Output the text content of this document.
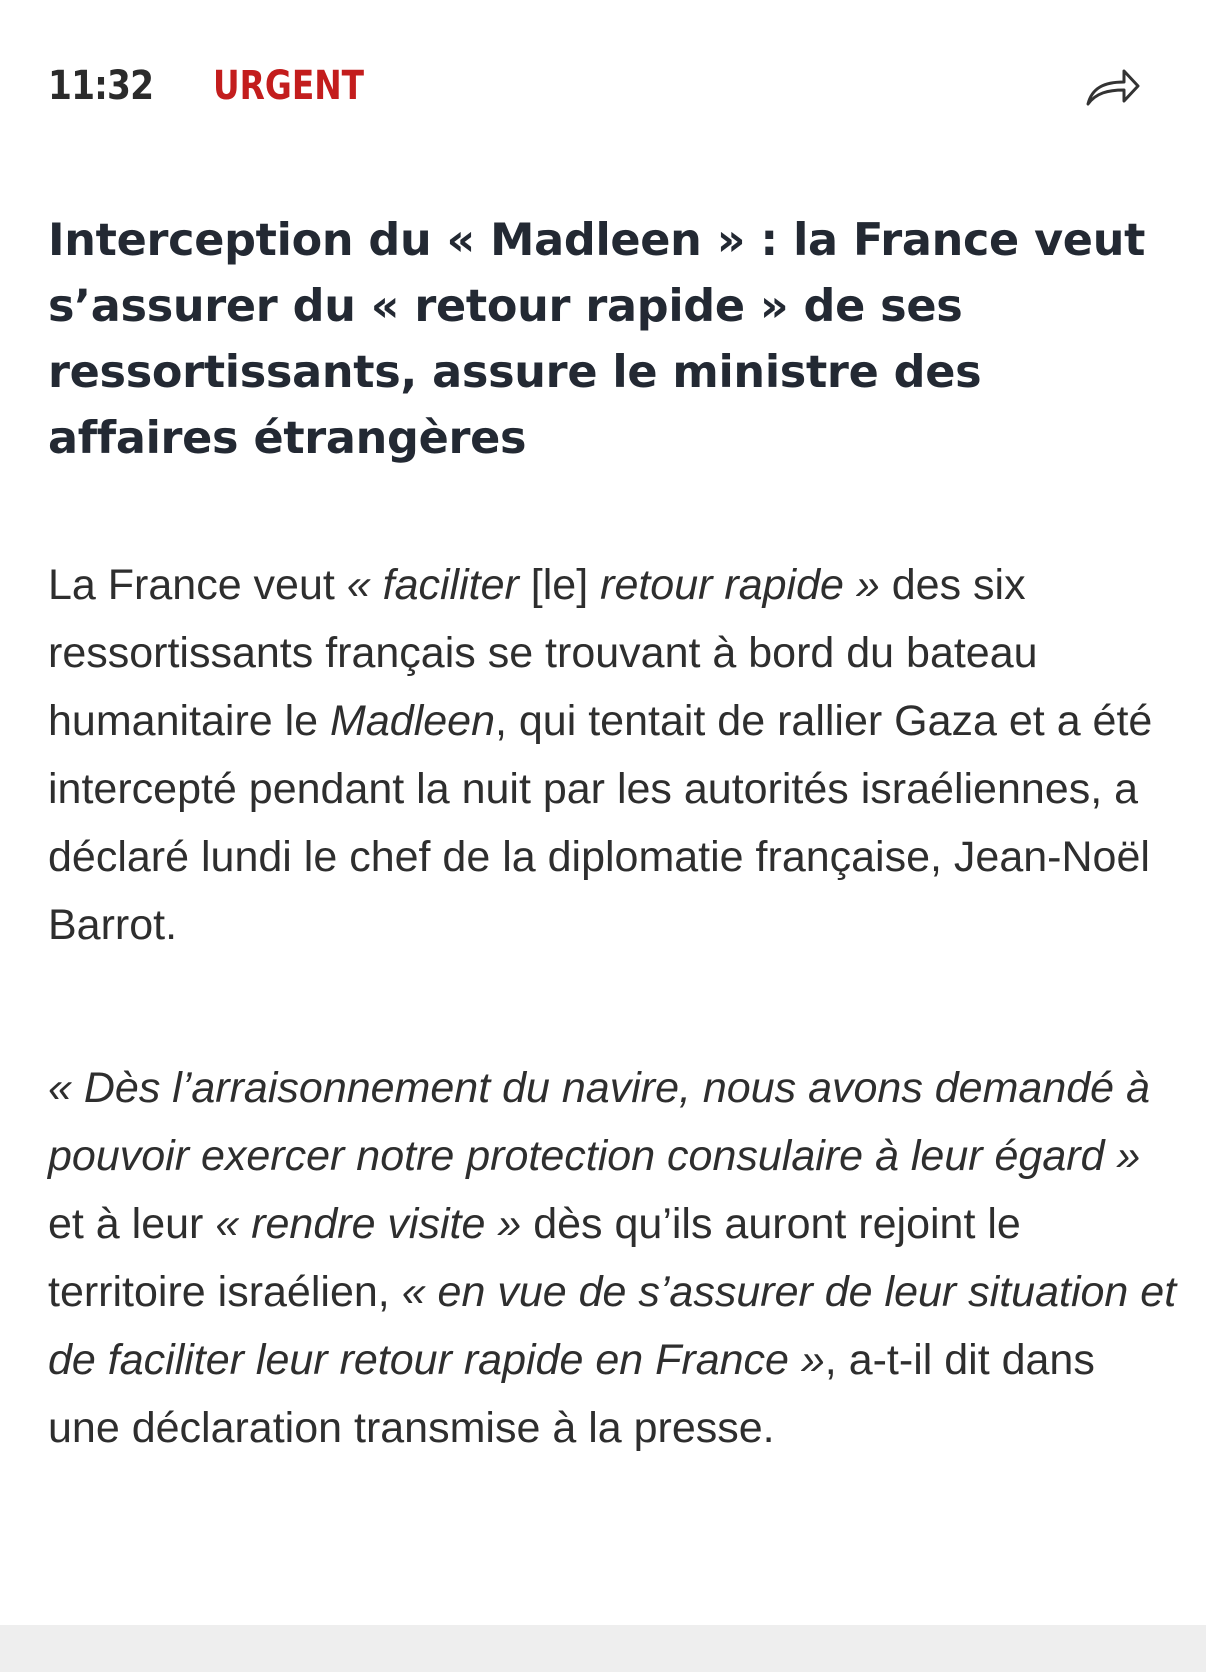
11:32 URGENT
Interception du « Madleen » : la France veut s’assurer du « retour rapide » de ses ressortissants, assure le ministre des affaires étrangères

La France veut « faciliter [le] retour rapide » des six ressortissants français se trouvant à bord du bateau humanitaire le Madleen, qui tentait de rallier Gaza et a été intercepté pendant la nuit par les autorités israéliennes, a déclaré lundi le chef de la diplomatie française, Jean-Noël Barrot.

« Dès l’arraisonnement du navire, nous avons demandé à pouvoir exercer notre protection consulaire à leur égard » et à leur « rendre visite » dès qu’ils auront rejoint le territoire israélien, « en vue de s’assurer de leur situation et de faciliter leur retour rapide en France », a-t-il dit dans une déclaration transmise à la presse.
